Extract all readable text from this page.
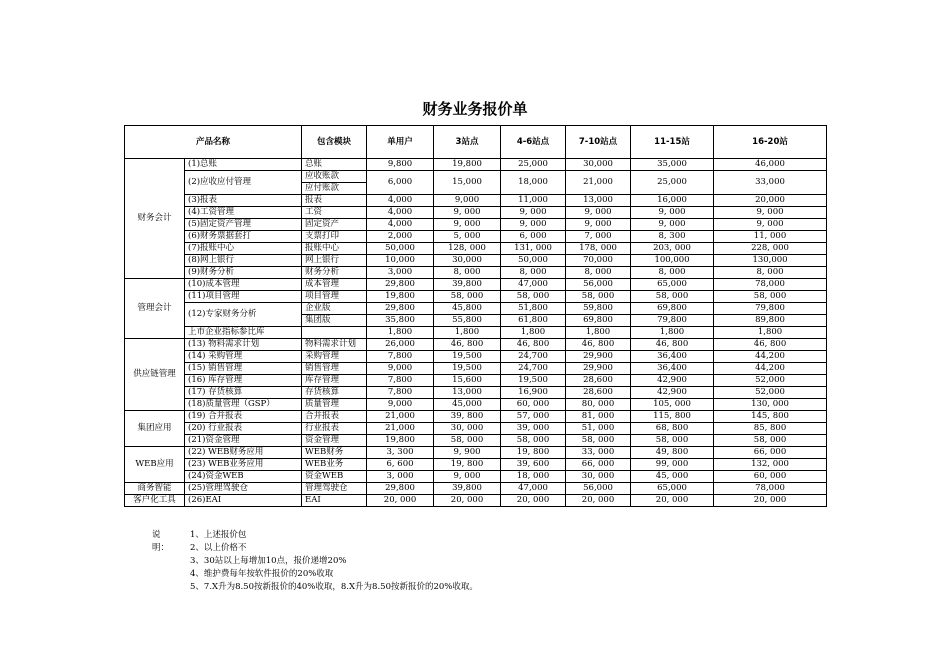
财务业务报价单
产品名称		包含模块	单用户	3站点	4-6站点	7-10站点	11-15站	16-20站	
财务会计	(1)总账	总账	9,800	19,800	25,000	30,000	35,000	46,000	
	(2)应收应付管理	应收账款	6,000	15,000	18,000	21,000	25,000	33,000	
		应付账款							
	(3)报表	报表	4,000	9,000	11,000	13,000	16,000	20,000	
	(4)工资管理	工资	4,000	9, 000	9, 000	9, 000	9, 000	9, 000	
	(5)固定资产管理	固定资产	4,000	9, 000	9, 000	9, 000	9, 000	9, 000	
	(6)财务票据套打	支票打印	2,000	5, 000	6, 000	7, 000	8, 300	11, 000	
	(7)报账中心	报账中心	50,000	128, 000	131, 000	178, 000	203, 000	228, 000	
	(8)网上银行	网上银行	10,000	30,000	50,000	70,000	100,000	130,000	
	(9)财务分析	财务分析	3,000	8, 000	8, 000	8, 000	8, 000	8, 000	
管理会计	(10)成本管理	成本管理	29,800	39,800	47,000	56,000	65,000	78,000	
	(11)项目管理	项目管理	19,800	58, 000	58, 000	58, 000	58, 000	58, 000	
	(12)专家财务分析	企业版	29,800	45,800	51,800	59,800	69,800	79,800	
		集团版	35,800	55,800	61,800	69,800	79,800	89,800	
	上市企业指标参比库		1,800	1,800	1,800	1,800	1,800	1,800	
供应链管理	(13) 物料需求计划	物料需求计划	26,000	46, 800	46, 800	46, 800	46, 800	46, 800	
	(14) 采购管理	采购管理	7,800	19,500	24,700	29,900	36,400	44,200	
	(15) 销售管理	销售管理	9,000	19,500	24,700	29,900	36,400	44,200	
	(16) 库存管理	库存管理	7,800	15,600	19,500	28,600	42,900	52,000	
	(17) 存货核算	存货核算	7,800	13,000	16,900	28,600	42,900	52,000	
	(18)质量管理（GSP）	质量管理	9,000	45,000	60, 000	80, 000	105, 000	130, 000	
集团应用	(19) 合并报表	合并报表	21,000	39, 800	57, 000	81, 000	115, 800	145, 800	
	(20) 行业报表	行业报表	21,000	30, 000	39, 000	51, 000	68, 800	85, 800	
	(21)资金管理	资金管理	19,800	58, 000	58, 000	58, 000	58, 000	58, 000	
WEB应用	(22) WEB财务应用	WEB财务	3, 300	9, 900	19, 800	33, 000	49, 800	66, 000	
	(23) WEB业务应用	WEB业务	6, 600	19, 800	39, 600	66, 000	99, 000	132, 000	
	(24)资金WEB	资金WEB	3, 000	9, 000	18, 000	30, 000	45, 000	60, 000	
商务智能	(25)管理驾驶仓	管理驾驶仓	29,800	39,800	47,000	56,000	65,000	78,000	
客户化工具	(26)EAI	EAI	20, 000	20, 000	20, 000	20, 000	20, 000	20, 000	
说明：
1、上述报价包
2、以上价格不
3、30站以上每增加10点，报价递增20%
4、维护费每年按软件报价的20%收取
5、7.X升为8.50按新报价的40%收取，8.X升为8.50按新报价的20%收取。
